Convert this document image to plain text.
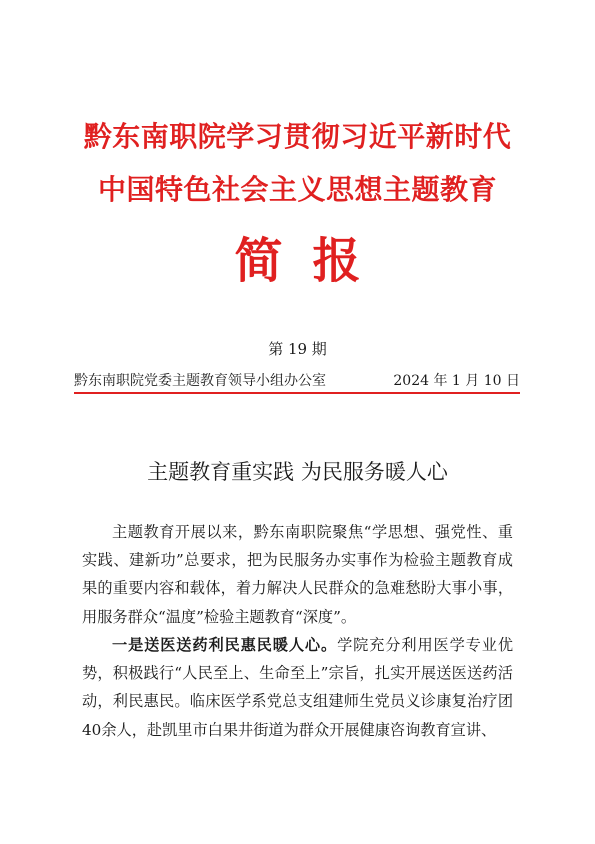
黔东南职院学习贯彻习近平新时代
中国特色社会主义思想主题教育
简报
第 19 期
黔东南职院党委主题教育领导小组办公室	2024 年 1 月 10 日
主题教育重实践 为民服务暖人心

主题教育开展以来，黔东南职院聚焦“学思想、强党性、重实践、建新功”总要求，把为民服务办实事作为检验主题教育成果的重要内容和载体，着力解决人民群众的急难愁盼大事小事，用服务群众“温度”检验主题教育“深度”。

一是送医送药利民惠民暖人心。学院充分利用医学专业优势，积极践行“人民至上、生命至上”宗旨，扎实开展送医送药活动，利民惠民。临床医学系党总支组建师生党员义诊康复治疗团40余人，赴凯里市白果井街道为群众开展健康咨询教育宣讲、
